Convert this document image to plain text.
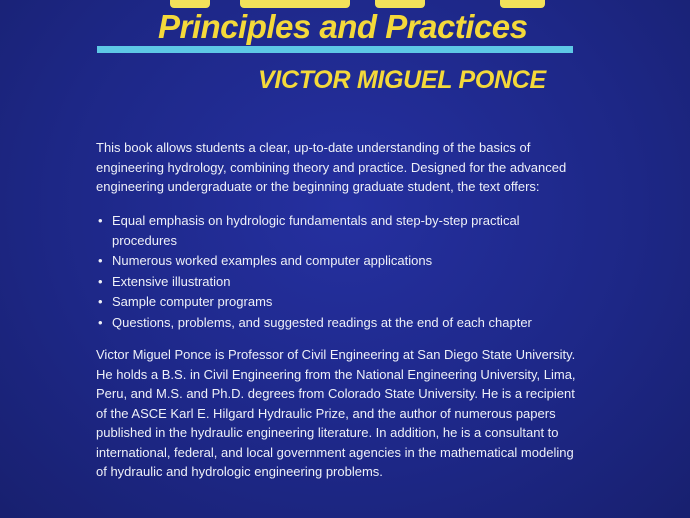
Principles and Practices
VICTOR MIGUEL PONCE
This book allows students a clear, up-to-date understanding of the basics of engineering hydrology, combining theory and practice. Designed for the advanced engineering undergraduate or the beginning graduate student, the text offers:
• Equal emphasis on hydrologic fundamentals and step-by-step practical procedures
• Numerous worked examples and computer applications
• Extensive illustration
• Sample computer programs
• Questions, problems, and suggested readings at the end of each chapter
Victor Miguel Ponce is Professor of Civil Engineering at San Diego State University. He holds a B.S. in Civil Engineering from the National Engineering University, Lima, Peru, and M.S. and Ph.D. degrees from Colorado State University. He is a recipient of the ASCE Karl E. Hilgard Hydraulic Prize, and the author of numerous papers published in the hydraulic engineering literature. In addition, he is a consultant to international, federal, and local government agencies in the mathematical modeling of hydraulic and hydrologic engineering problems.
